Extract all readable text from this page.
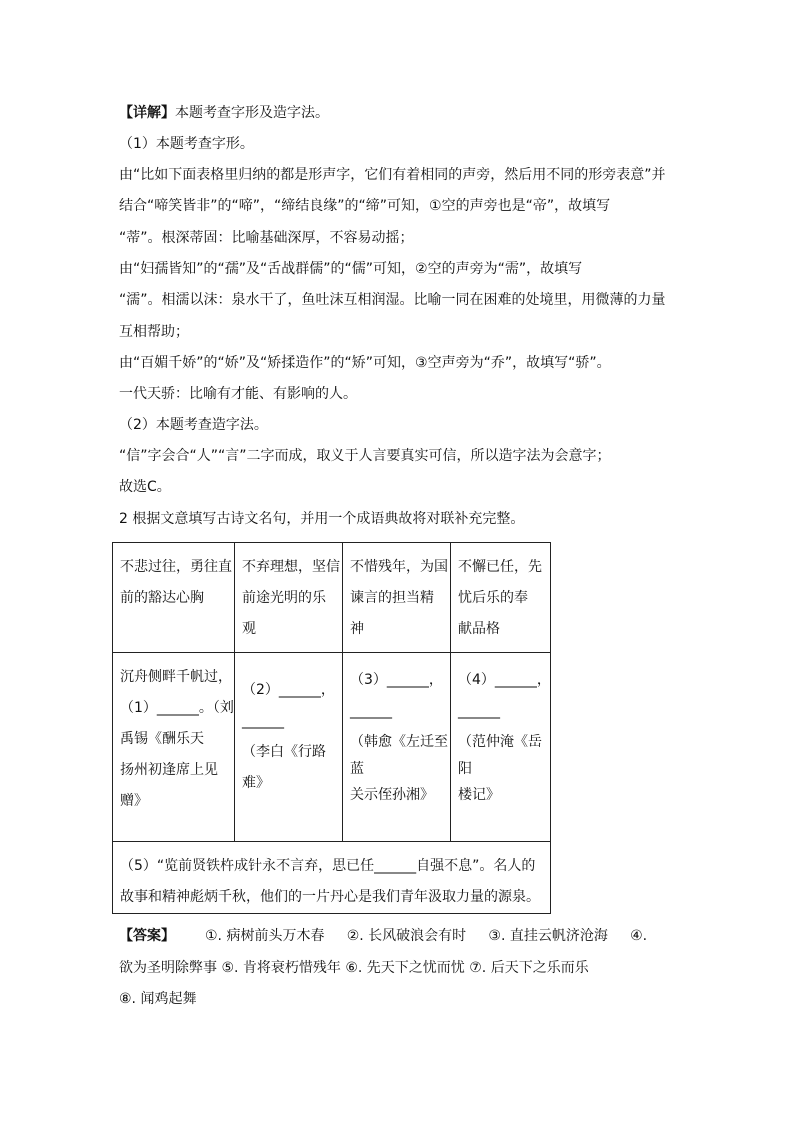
【详解】本题考查字形及造字法。
（1）本题考查字形。
由“比如下面表格里归纳的都是形声字，它们有着相同的声旁，然后用不同的形旁表意”并
结合“啼笑皆非”的“啼”，“缔结良缘”的“缔”可知，①空的声旁也是“帝”，故填写
“蒂”。根深蒂固：比喻基础深厚，不容易动摇；
由“妇孺皆知”的“孺”及“舌战群儒”的“儒”可知，②空的声旁为“需”，故填写
“濡”。相濡以沫：泉水干了，鱼吐沫互相润湿。比喻一同在困难的处境里，用微薄的力量
互相帮助；
由“百媚千娇”的“娇”及“矫揉造作”的“矫”可知，③空声旁为“乔”，故填写“骄”。
一代天骄：比喻有才能、有影响的人。
（2）本题考查造字法。
“信”字会合“人”“言”二字而成，取义于人言要真实可信，所以造字法为会意字；
故选C。
2 根据文意填写古诗文名句，并用一个成语典故将对联补充完整。
不悲过往，勇往直
前的豁达心胸	不弃理想，坚信
前途光明的乐
观	不惜残年，为国
谏言的担当精
神	不懈已任，先
忧后乐的奉
献品格

沉舟侧畔千帆过，
（1）______。（刘
禹锡《酬乐天
扬州初逢席上见
赠》	（2）______，
______
（李白《行路
难》	（3）______，
______
（韩愈《左迁至
蓝
关示侄孙湘》	（4）______，
______
（范仲淹《岳
阳
楼记》

（5）“览前贤铁杵成针永不言弃，思已任______自强不息”。名人的
故事和精神彪炳千秋，他们的一片丹心是我们青年汲取力量的源泉。			
【答案】 ①. 病树前头万木春     ②. 长风破浪会有时     ③. 直挂云帆济沧海     ④.
欲为圣明除弊事 ⑤. 肯将衰朽惜残年 ⑥. 先天下之忧而忧 ⑦. 后天下之乐而乐
⑧. 闻鸡起舞
